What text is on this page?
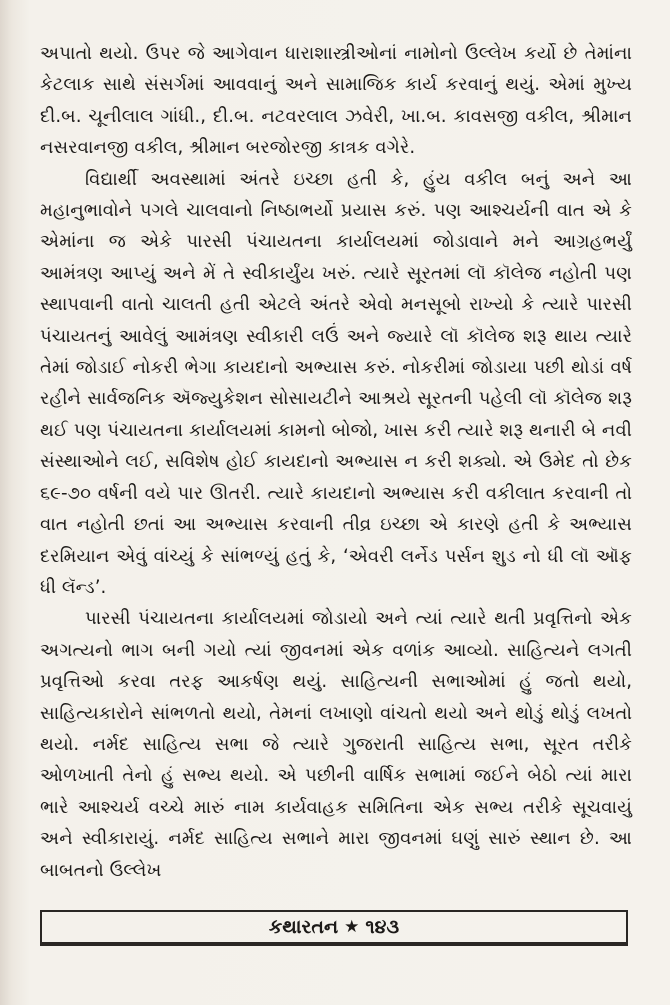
અપાતો થયો. ઉપર જે આગેવાન ધારાશાસ્ત્રીઓનાં નામોનો ઉલ્લેખ કર્યો છે તેમાંના કેટલાક સાથે સંસર્ગમાં આવવાનું અને સામાજિક કાર્ય કરવાનું થયું. એમાં મુખ્ય દી.બ. ચૂનીલાલ ગાંધી., દી.બ. નટવરલાલ ઝવેરી, ખા.બ. કાવસજી વકીલ, શ્રીમાન નસરવાનજી વકીલ, શ્રીમાન બરજોરજી કાત્રક વગેરે.

વિદ્યાર્થી અવસ્થામાં અંતરે ઇચ્છા હતી કે, હુંય વકીલ બનું અને આ મહાનુભાવોને પગલે ચાલવાનો નિષ્ઠાભર્યો પ્રયાસ કરું. પણ આશ્ચર્યની વાત એ કે એમાંના જ એકે પારસી પંચાયતના કાર્યાલયમાં જોડાવાને મને આગ્રહભર્યું આમંત્રણ આપ્યું અને મેં તે સ્વીકાર્યુંય ખરું. ત્યારે સૂરતમાં લૉ કૉલેજ નહોતી પણ સ્થાપવાની વાતો ચાલતી હતી એટલે અંતરે એવો મનસૂબો રાખ્યો કે ત્યારે પારસી પંચાયતનું આવેલું આમંત્રણ સ્વીકારી લઉં અને જ્યારે લૉ કૉલેજ શરૂ થાય ત્યારે તેમાં જોડાઈ નોકરી ભેગા કાયદાનો અભ્યાસ કરું. નોકરીમાં જોડાયા પછી થોડાં વર્ષ રહીને સાર્વજનિક ઍજ્યુકેશન સોસાયટીને આશ્રયે સૂરતની પહેલી લૉ કૉલેજ શરૂ થઈ પણ પંચાયતના કાર્યાલયમાં કામનો બોજો, ખાસ કરી ત્યારે શરૂ થનારી બે નવી સંસ્થાઓને લઈ, સવિશેષ હોઈ કાયદાનો અભ્યાસ ન કરી શક્યો. એ ઉમેદ તો છેક ૬૯-૭૦ વર્ષની વયે પાર ઊતરી. ત્યારે કાયદાનો અભ્યાસ કરી વકીલાત કરવાની તો વાત નહોતી છતાં આ અભ્યાસ કરવાની તીવ્ર ઇચ્છા એ કારણે હતી કે અભ્યાસ દરમિયાન એવું વાંચ્યું કે સાંભળ્યું હતું કે, ‘એવરી લર્નેડ પર્સન શુડ નો ધી લૉ ઑફ ધી લૅન્ડ’.

પારસી પંચાયતના કાર્યાલયમાં જોડાયો અને ત્યાં ત્યારે થતી પ્રવૃત્તિનો એક અગત્યનો ભાગ બની ગયો ત્યાં જીવનમાં એક વળાંક આવ્યો. સાહિત્યને લગતી પ્રવૃત્તિઓ કરવા તરફ આકર્ષણ થયું. સાહિત્યની સભાઓમાં હું જતો થયો, સાહિત્યકારોને સાંભળતો થયો, તેમનાં લખાણો વાંચતો થયો અને થોડું થોડું લખતો થયો. નર્મદ સાહિત્ય સભા જે ત્યારે ગુજરાતી સાહિત્ય સભા, સૂરત તરીકે ઓળખાતી તેનો હું સભ્ય થયો. એ પછીની વાર્ષિક સભામાં જઈને બેઠો ત્યાં મારા ભારે આશ્ચર્ય વચ્ચે મારું નામ કાર્યવાહક સમિતિના એક સભ્ય તરીકે સૂચવાયું અને સ્વીકારાયું. નર્મદ સાહિત્ય સભાને મારા જીવનમાં ઘણું સારું સ્થાન છે. આ બાબતનો ઉલ્લેખ

કથારતન ★ ૧૪૩
